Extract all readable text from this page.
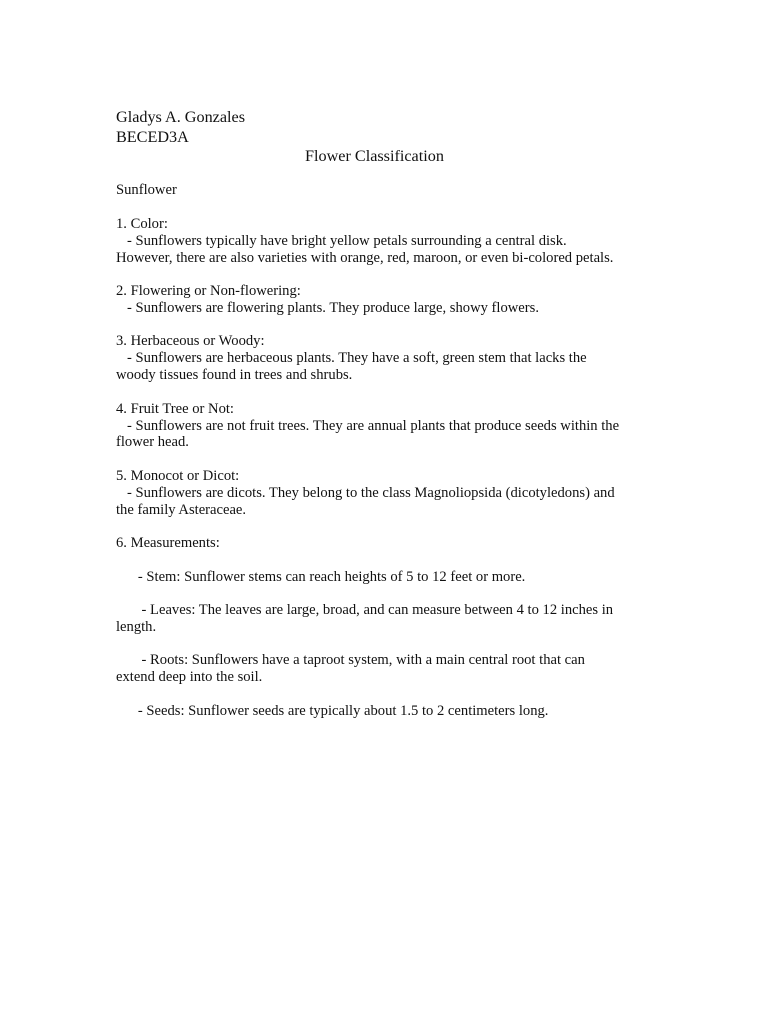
Gladys A. Gonzales
BECED3A
Flower Classification
Sunflower
1. Color:
- Sunflowers typically have bright yellow petals surrounding a central disk.
However, there are also varieties with orange, red, maroon, or even bi-colored petals.
2. Flowering or Non-flowering:
- Sunflowers are flowering plants. They produce large, showy flowers.
3. Herbaceous or Woody:
- Sunflowers are herbaceous plants. They have a soft, green stem that lacks the
woody tissues found in trees and shrubs.
4. Fruit Tree or Not:
- Sunflowers are not fruit trees. They are annual plants that produce seeds within the
flower head.
5. Monocot or Dicot:
- Sunflowers are dicots. They belong to the class Magnoliopsida (dicotyledons) and
the family Asteraceae.
6. Measurements:
- Stem: Sunflower stems can reach heights of 5 to 12 feet or more.
- Leaves: The leaves are large, broad, and can measure between 4 to 12 inches in
length.
- Roots: Sunflowers have a taproot system, with a main central root that can
extend deep into the soil.
- Seeds: Sunflower seeds are typically about 1.5 to 2 centimeters long.
